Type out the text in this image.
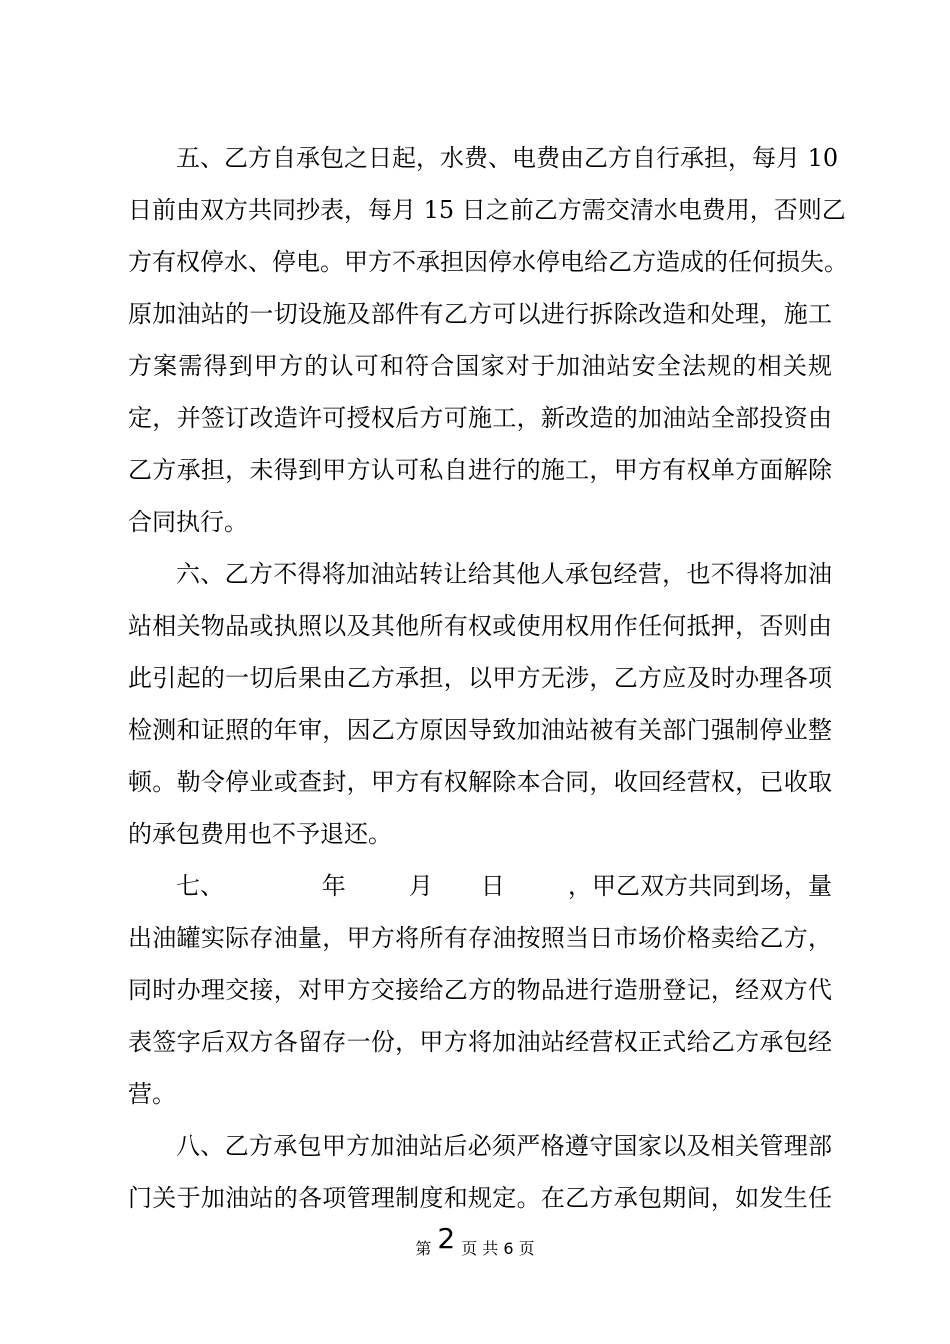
五、乙方自承包之日起，水费、电费由乙方自行承担，每月 10
日前由双方共同抄表，每月 15 日之前乙方需交清水电费用，否则乙
方有权停水、停电。甲方不承担因停水停电给乙方造成的任何损失。
原加油站的一切设施及部件有乙方可以进行拆除改造和处理，施工
方案需得到甲方的认可和符合国家对于加油站安全法规的相关规
定，并签订改造许可授权后方可施工，新改造的加油站全部投资由
乙方承担，未得到甲方认可私自进行的施工，甲方有权单方面解除
合同执行。
六、乙方不得将加油站转让给其他人承包经营，也不得将加油
站相关物品或执照以及其他所有权或使用权用作任何抵押，否则由
此引起的一切后果由乙方承担，以甲方无涉，乙方应及时办理各项
检测和证照的年审，因乙方原因导致加油站被有关部门强制停业整
顿。勒令停业或查封，甲方有权解除本合同，收回经营权，已收取
的承包费用也不予退还。
七、	年	月 日	，甲乙双方共同到场，量
出油罐实际存油量，甲方将所有存油按照当日市场价格卖给乙方，
同时办理交接，对甲方交接给乙方的物品进行造册登记，经双方代
表签字后双方各留存一份，甲方将加油站经营权正式给乙方承包经
营。
八、乙方承包甲方加油站后必须严格遵守国家以及相关管理部
门关于加油站的各项管理制度和规定。在乙方承包期间，如发生任
第 2 页 共 6 页
